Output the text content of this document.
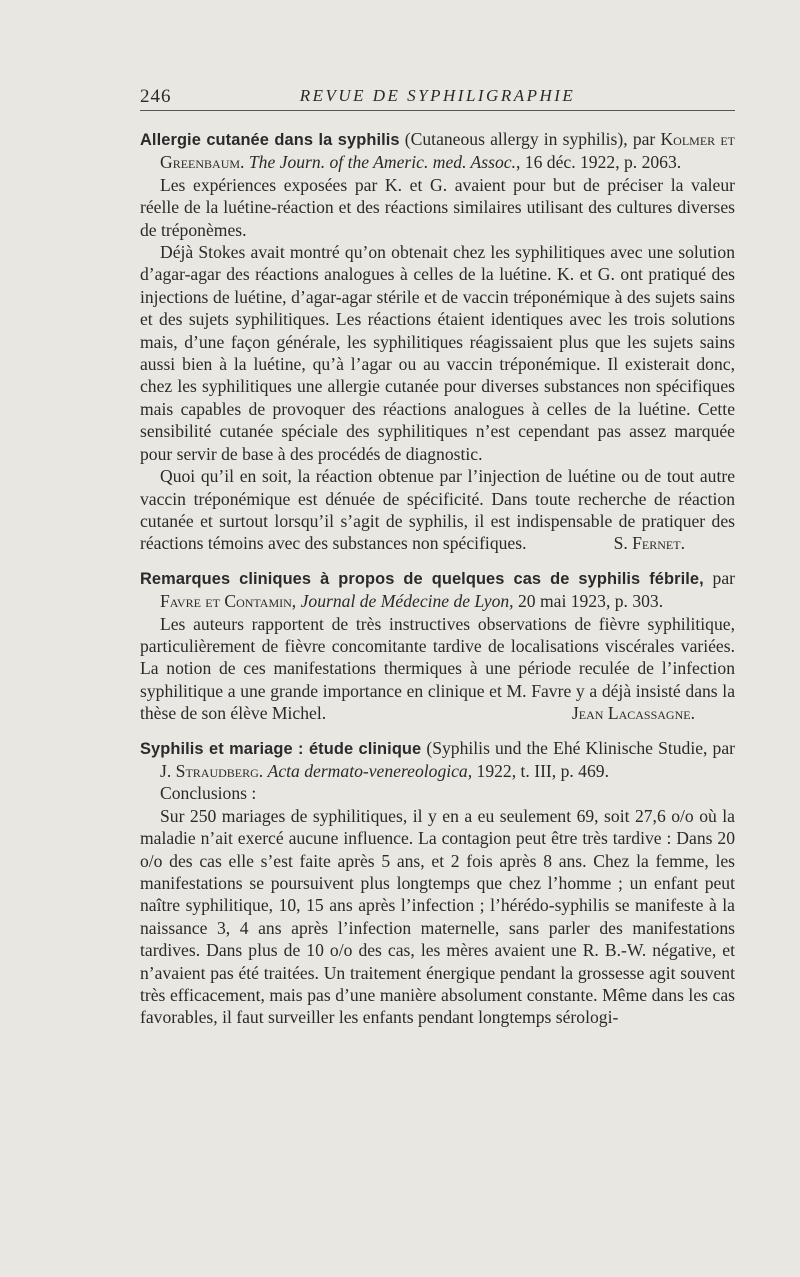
246	REVUE DE SYPHILIGRAPHIE

Allergie cutanée dans la syphilis (Cutaneous allergy in syphilis), par Kolmer et Greenbaum. The Journ. of the Americ. med. Assoc., 16 déc. 1922, p. 2063.

Les expériences exposées par K. et G. avaient pour but de préciser la valeur réelle de la luétine-réaction et des réactions similaires utilisant des cultures diverses de tréponèmes.

Déjà Stokes avait montré qu’on obtenait chez les syphilitiques avec une solution d’agar-agar des réactions analogues à celles de la luétine. K. et G. ont pratiqué des injections de luétine, d’agar-agar stérile et de vaccin tréponémique à des sujets sains et des sujets syphilitiques. Les réactions étaient identiques avec les trois solutions mais, d’une façon générale, les syphilitiques réagissaient plus que les sujets sains aussi bien à la luétine, qu’à l’agar ou au vaccin tréponémique. Il existerait donc, chez les syphilitiques une allergie cutanée pour diverses substances non spécifiques mais capables de provoquer des réactions analogues à celles de la luétine. Cette sensibilité cutanée spéciale des syphilitiques n’est cependant pas assez marquée pour servir de base à des procédés de diagnostic.

Quoi qu’il en soit, la réaction obtenue par l’injection de luétine ou de tout autre vaccin tréponémique est dénuée de spécificité. Dans toute recherche de réaction cutanée et surtout lorsqu’il s’agit de syphilis, il est indispensable de pratiquer des réactions témoins avec des substances non spécifiques.	S. Fernet.

Remarques cliniques à propos de quelques cas de syphilis fébrile, par Favre et Contamin, Journal de Médecine de Lyon, 20 mai 1923, p. 303.

Les auteurs rapportent de très instructives observations de fièvre syphilitique, particulièrement de fièvre concomitante tardive de localisations viscérales variées. La notion de ces manifestations thermiques à une période reculée de l’infection syphilitique a une grande importance en clinique et M. Favre y a déjà insisté dans la thèse de son élève Michel.	Jean Lacassagne.

Syphilis et mariage : étude clinique (Syphilis und the Ehé Klinische Studie, par J. Straudberg. Acta dermato-venereologica, 1922, t. III, p. 469.

Conclusions :

Sur 250 mariages de syphilitiques, il y en a eu seulement 69, soit 27,6 o/o où la maladie n’ait exercé aucune influence. La contagion peut être très tardive : Dans 20 o/o des cas elle s’est faite après 5 ans, et 2 fois après 8 ans. Chez la femme, les manifestations se poursuivent plus longtemps que chez l’homme ; un enfant peut naître syphilitique, 10, 15 ans après l’infection ; l’hérédo-syphilis se manifeste à la naissance 3, 4 ans après l’infection maternelle, sans parler des manifestations tardives. Dans plus de 10 o/o des cas, les mères avaient une R. B.-W. négative, et n’avaient pas été traitées. Un traitement énergique pendant la grossesse agit souvent très efficacement, mais pas d’une manière absolument constante. Même dans les cas favorables, il faut surveiller les enfants pendant longtemps sérologi-
